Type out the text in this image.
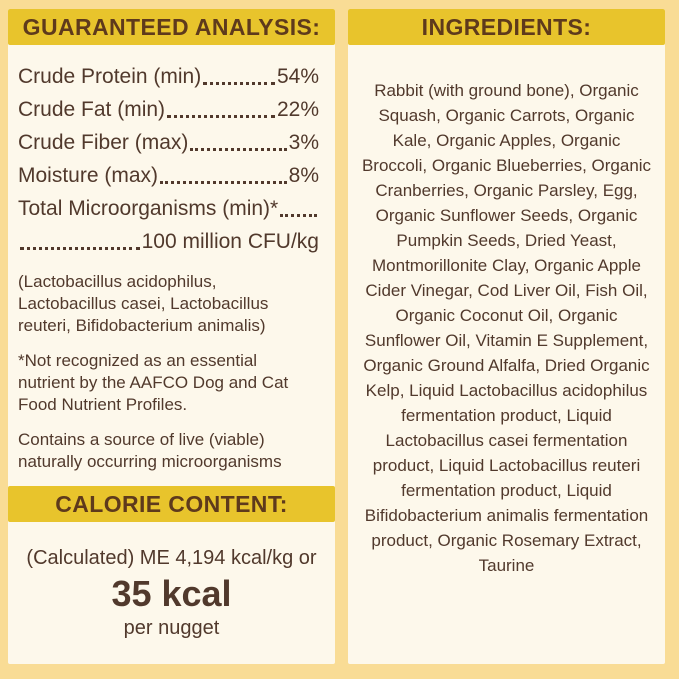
GUARANTEED ANALYSIS:
Crude Protein (min)	54%
Crude Fat (min)	22%
Crude Fiber (max)	3%
Moisture (max)	8%
Total Microorganisms (min)*
100 million CFU/kg

(Lactobacillus acidophilus, Lactobacillus casei, Lactobacillus reuteri, Bifidobacterium animalis)

*Not recognized as an essential nutrient by the AAFCO Dog and Cat Food Nutrient Profiles.

Contains a source of live (viable) naturally occurring microorganisms

CALORIE CONTENT:
(Calculated) ME 4,194 kcal/kg or
35 kcal
per nugget
INGREDIENTS:

Rabbit (with ground bone), Organic Squash, Organic Carrots, Organic Kale, Organic Apples, Organic Broccoli, Organic Blueberries, Organic Cranberries, Organic Parsley, Egg, Organic Sunflower Seeds, Organic Pumpkin Seeds, Dried Yeast, Montmorillonite Clay, Organic Apple Cider Vinegar, Cod Liver Oil, Fish Oil, Organic Coconut Oil, Organic Sunflower Oil, Vitamin E Supplement, Organic Ground Alfalfa, Dried Organic Kelp, Liquid Lactobacillus acidophilus fermentation product, Liquid Lactobacillus casei fermentation product, Liquid Lactobacillus reuteri fermentation product, Liquid Bifidobacterium animalis fermentation product, Organic Rosemary Extract, Taurine
